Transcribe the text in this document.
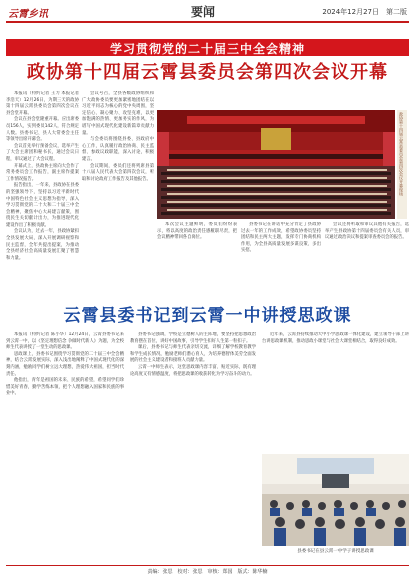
云霄乡讯	要闻	2024年12月27日　第二版
学习贯彻党的二十届三中全会精神
政协第十四届云霄县委员会第四次会议开幕
本报讯（特约记者 王力 本报记者 李浩天）12月26日，为期三天的政协第十四届云霄县委员会第四次会议在县会堂开幕。
会议在县会堂隆重开幕。应出席委员156人，实到委员142人，符合规定人数。县委书记、县人大常委会主任等领导出席开幕会。
会议首先举行预备会议，选举产生了大会主席团和秘书长，通过会议日程，审议通过了大会议程。
开幕式上，县政协主席向大会作了常务委员会工作报告，副主席作提案工作情况报告。
报告指出，一年来，县政协在县委的坚强领导下，坚持以习近平新时代中国特色社会主义思想为指导，深入学习贯彻党的二十大和二十届三中全会精神，聚焦中心大局建言献策，围绕民生关切献计出力，为推进现代化建设作出了积极贡献。
会议认为，过去一年，县政协紧扣全县发展大局，深入开展调研视察和民主监督，全年共提出提案，为推动全县经济社会高质量发展汇聚了智慧和力量。
会议号召，全县各级政协组织和广大政协委员要更加紧密地团结在以习近平同志为核心的党中央周围，坚定信心、凝心聚力、攻坚克难，以更加饱满的热情、更加务实的作风，为谱写中国式现代化建设新篇章贡献力量。
与会委员将围绕县委、县政府中心工作，认真履行政治协商、民主监督、参政议政职能，深入讨论，积极建言。
会议期间，委员们还将列席县第十八届人民代表大会第四次会议，听取和讨论政府工作报告及其他报告。	政协第十四届云霄县委员会第四次会议开幕现场
本次会议主题鲜明，委员们纷纷表示，将以高度的政治责任感履职尽责，把会议精神带回各自岗位。
县委书记在讲话中充分肯定了县政协过去一年的工作成效，希望政协委员坚持团结和民主两大主题，发挥专门协商机构作用，为全县高质量发展多谋良策、多出实招。
会议还将听取和审议其他有关报告，选举产生县政协第十四届委员会有关人员，审议通过政治决议和提案审查委员会的报告。
云霄县委书记到云霄一中讲授思政课
本报讯（特约记者 陈小华）12月24日，云霄县委书记来到云霄一中，以《坚定理想信念 争做时代新人》为题，为全校师生代表讲授了一堂生动的思政课。
思政课上，县委书记围绕学习贯彻党的二十届三中全会精神，结合云霄发展实际，深入浅出地阐释了中国式现代化的深刻内涵，勉励同学们树立远大理想，热爱伟大祖国，担当时代责任。
他指出，青年是祖国的未来、民族的希望，希望同学们珍惜美好青春，勤学苦练本领，把个人理想融入国家和民族的事业中。
县委书记强调，学校是立德树人的主阵地，要坚持把思想政治教育摆在首位，讲好中国故事，引导学生扣好人生第一粒扣子。
课后，县委书记与师生代表亲切交流，详细了解学校教育教学和学生成长情况，勉励老师们潜心育人，为培养德智体美劳全面发展的社会主义建设者和接班人贡献力量。
云霄一中师生表示，这堂思政课内容丰富、贴近实际，既有理论高度又有情感温度，将把思政课的收获转化为学习奋斗的动力。
近年来，云霄县持续推动大中小学思政课一体化建设，建立领导干部上讲台讲思政课机制，推动思政小课堂与社会大课堂相结合，取得良好成效。
县委书记在县云霄一中学子讲授思政课
责编：张思　校对：张思　审核：郑国　版式：陈华楠
